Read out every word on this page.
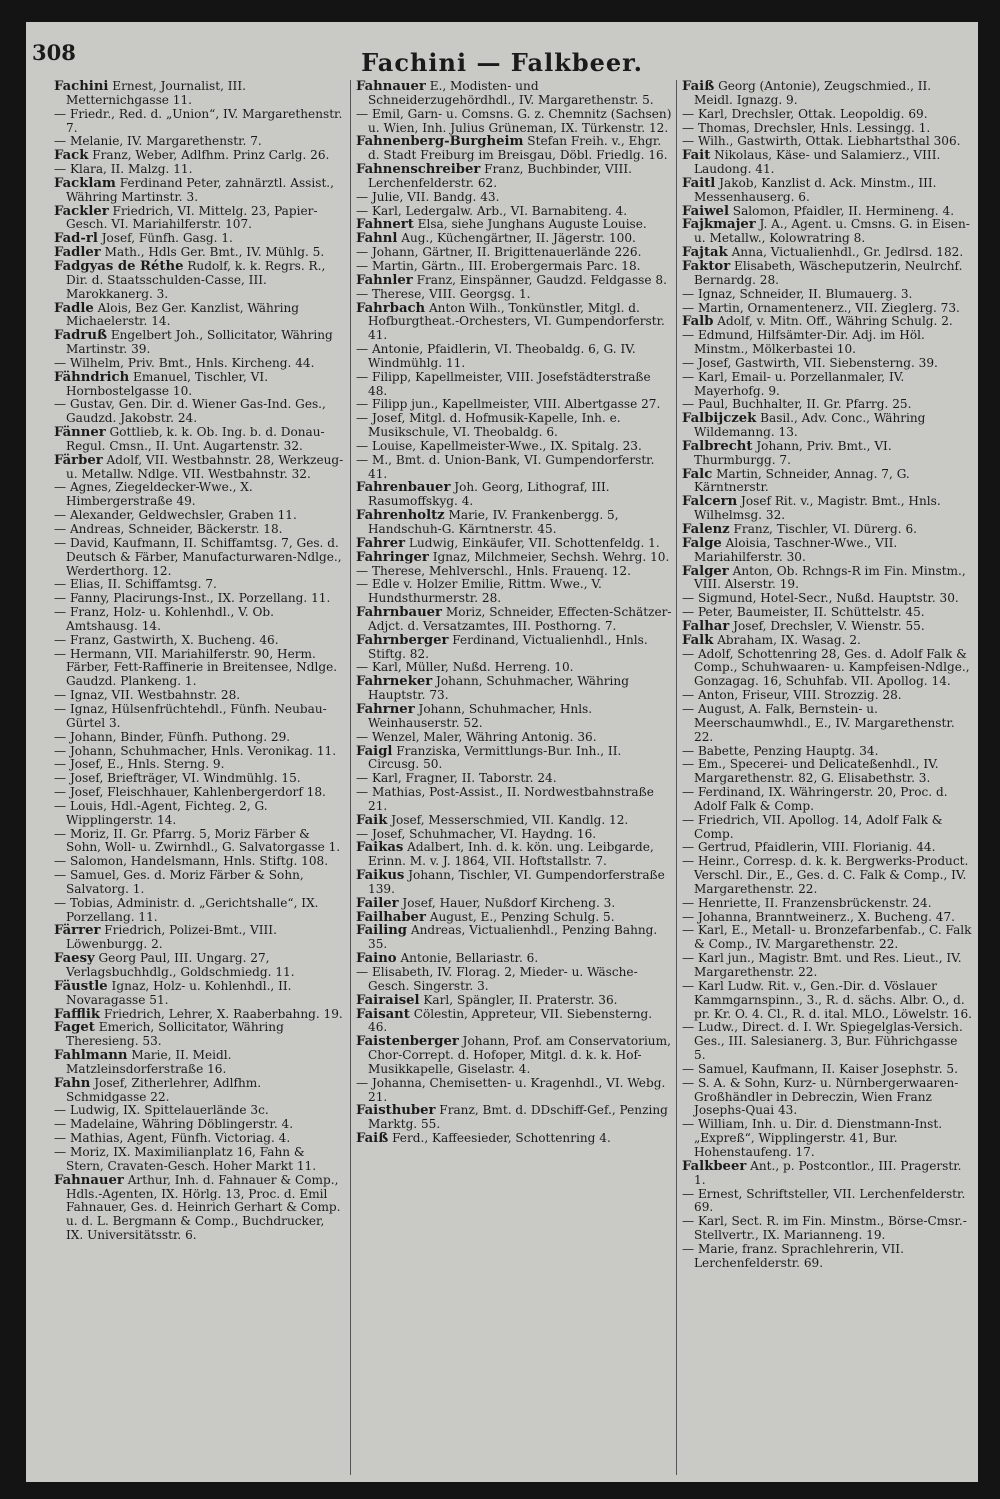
308	Fachini — Falkbeer.

Fachini Ernest, Journalist, III. Metternichgasse 11.

— Friedr., Red. d. „Union“, IV. Margarethenstr. 7.

— Melanie, IV. Margarethenstr. 7.

Fack Franz, Weber, Adlfhm. Prinz Carlg. 26.

— Klara, II. Malzg. 11.

Facklam Ferdinand Peter, zahnärztl. Assist., Währing Martinstr. 3.

Fackler Friedrich, VI. Mittelg. 23, Papier-Gesch. VI. Mariahilferstr. 107.

Fad-rl Josef, Fünfh. Gasg. 1.

Fadler Math., Hdls Ger. Bmt., IV. Mühlg. 5.

Fadgyas de Réthe Rudolf, k. k. Regrs. R., Dir. d. Staatsschulden-Casse, III. Marokkanerg. 3.

Fadle Alois, Bez Ger. Kanzlist, Währing Michaelerstr. 14.

Fadruß Engelbert Joh., Sollicitator, Währing Martinstr. 39.

— Wilhelm, Priv. Bmt., Hnls. Kircheng. 44.

Fähndrich Emanuel, Tischler, VI. Hornbostelgasse 10.

— Gustav, Gen. Dir. d. Wiener Gas-Ind. Ges., Gaudzd. Jakobstr. 24.

Fänner Gottlieb, k. k. Ob. Ing. b. d. Donau-Regul. Cmsn., II. Unt. Augartenstr. 32.

Färber Adolf, VII. Westbahnstr. 28, Werkzeug- u. Metallw. Ndlge. VII. Westbahnstr. 32.

— Agnes, Ziegeldecker-Wwe., X. Himbergerstraße 49.

— Alexander, Geldwechsler, Graben 11.

— Andreas, Schneider, Bäckerstr. 18.

— David, Kaufmann, II. Schiffamtsg. 7, Ges. d. Deutsch & Färber, Manufacturwaren-Ndlge., Werderthorg. 12.

— Elias, II. Schiffamtsg. 7.

— Fanny, Placirungs-Inst., IX. Porzellang. 11.

— Franz, Holz- u. Kohlenhdl., V. Ob. Amtshausg. 14.

— Franz, Gastwirth, X. Bucheng. 46.

— Hermann, VII. Mariahilferstr. 90, Herm. Färber, Fett-Raffinerie in Breitensee, Ndlge. Gaudzd. Plankeng. 1.

— Ignaz, VII. Westbahnstr. 28.

— Ignaz, Hülsenfrüchtehdl., Fünfh. Neubau-Gürtel 3.

— Johann, Binder, Fünfh. Puthong. 29.

— Johann, Schuhmacher, Hnls. Veronikag. 11.

— Josef, E., Hnls. Sterng. 9.

— Josef, Briefträger, VI. Windmühlg. 15.

— Josef, Fleischhauer, Kahlenbergerdorf 18.

— Louis, Hdl.-Agent, Fichteg. 2, G. Wipplingerstr. 14.

— Moriz, II. Gr. Pfarrg. 5, Moriz Färber & Sohn, Woll- u. Zwirnhdl., G. Salvatorgasse 1.

— Salomon, Handelsmann, Hnls. Stiftg. 108.

— Samuel, Ges. d. Moriz Färber & Sohn, Salvatorg. 1.

— Tobias, Administr. d. „Gerichtshalle“, IX. Porzellang. 11.

Färrer Friedrich, Polizei-Bmt., VIII. Löwenburgg. 2.

Faesy Georg Paul, III. Ungarg. 27, Verlagsbuchhdlg., Goldschmiedg. 11.

Fäustle Ignaz, Holz- u. Kohlenhdl., II. Novaragasse 51.

Fafflik Friedrich, Lehrer, X. Raaberbahng. 19.

Faget Emerich, Sollicitator, Währing Theresieng. 53.

Fahlmann Marie, II. Meidl. Matzleinsdorferstraße 16.

Fahn Josef, Zitherlehrer, Adlfhm. Schmidgasse 22.

— Ludwig, IX. Spittelauerlände 3c.

— Madelaine, Währing Döblingerstr. 4.

— Mathias, Agent, Fünfh. Victoriag. 4.

— Moriz, IX. Maximilianplatz 16, Fahn & Stern, Cravaten-Gesch. Hoher Markt 11.

Fahnauer Arthur, Inh. d. Fahnauer & Comp., Hdls.-Agenten, IX. Hörlg. 13, Proc. d. Emil Fahnauer, Ges. d. Heinrich Gerhart & Comp. u. d. L. Bergmann & Comp., Buchdrucker, IX. Universitätsstr. 6.

Fahnauer E., Modisten- und Schneiderzugehördhdl., IV. Margarethenstr. 5.

— Emil, Garn- u. Comsns. G. z. Chemnitz (Sachsen) u. Wien, Inh. Julius Grüneman, IX. Türkenstr. 12.

Fahnenberg-Burgheim Stefan Freih. v., Ehgr. d. Stadt Freiburg im Breisgau, Döbl. Friedlg. 16.

Fahnenschreiber Franz, Buchbinder, VIII. Lerchenfelderstr. 62.

— Julie, VII. Bandg. 43.

— Karl, Ledergalw. Arb., VI. Barnabiteng. 4.

Fahnert Elsa, siehe Junghans Auguste Louise.

Fahnl Aug., Küchengärtner, II. Jägerstr. 100.

— Johann, Gärtner, II. Brigittenauerlände 226.

— Martin, Gärtn., III. Erobergermais Parc. 18.

Fahnler Franz, Einspänner, Gaudzd. Feldgasse 8.

— Therese, VIII. Georgsg. 1.

Fahrbach Anton Wilh., Tonkünstler, Mitgl. d. Hofburgtheat.-Orchesters, VI. Gumpendorferstr. 41.

— Antonie, Pfaidlerin, VI. Theobaldg. 6, G. IV. Windmühlg. 11.

— Filipp, Kapellmeister, VIII. Josefstädterstraße 48.

— Filipp jun., Kapellmeister, VIII. Albertgasse 27.

— Josef, Mitgl. d. Hofmusik-Kapelle, Inh. e. Musikschule, VI. Theobaldg. 6.

— Louise, Kapellmeister-Wwe., IX. Spitalg. 23.

— M., Bmt. d. Union-Bank, VI. Gumpendorferstr. 41.

Fahrenbauer Joh. Georg, Lithograf, III. Rasumoffskyg. 4.

Fahrenholtz Marie, IV. Frankenbergg. 5, Handschuh-G. Kärntnerstr. 45.

Fahrer Ludwig, Einkäufer, VII. Schottenfeldg. 1.

Fahringer Ignaz, Milchmeier, Sechsh. Wehrg. 10.

— Therese, Mehlverschl., Hnls. Frauenq. 12.

— Edle v. Holzer Emilie, Rittm. Wwe., V. Hundsthurmerstr. 28.

Fahrnbauer Moriz, Schneider, Effecten-Schätzer-Adjct. d. Versatzamtes, III. Posthorng. 7.

Fahrnberger Ferdinand, Victualienhdl., Hnls. Stiftg. 82.

— Karl, Müller, Nußd. Herreng. 10.

Fahrneker Johann, Schuhmacher, Währing Hauptstr. 73.

Fahrner Johann, Schuhmacher, Hnls. Weinhauserstr. 52.

— Wenzel, Maler, Währing Antonig. 36.

Faigl Franziska, Vermittlungs-Bur. Inh., II. Circusg. 50.

— Karl, Fragner, II. Taborstr. 24.

— Mathias, Post-Assist., II. Nordwestbahnstraße 21.

Faik Josef, Messerschmied, VII. Kandlg. 12.

— Josef, Schuhmacher, VI. Haydng. 16.

Faikas Adalbert, Inh. d. k. kön. ung. Leibgarde, Erinn. M. v. J. 1864, VII. Hoftstallstr. 7.

Faikus Johann, Tischler, VI. Gumpendorferstraße 139.

Failer Josef, Hauer, Nußdorf Kircheng. 3.

Failhaber August, E., Penzing Schulg. 5.

Failing Andreas, Victualienhdl., Penzing Bahng. 35.

Faino Antonie, Bellariastr. 6.

— Elisabeth, IV. Florag. 2, Mieder- u. Wäsche-Gesch. Singerstr. 3.

Fairaisel Karl, Spängler, II. Praterstr. 36.

Faisant Cölestin, Appreteur, VII. Siebensterng. 46.

Faistenberger Johann, Prof. am Conservatorium, Chor-Corrept. d. Hofoper, Mitgl. d. k. k. Hof-Musikkapelle, Giselastr. 4.

— Johanna, Chemisetten- u. Kragenhdl., VI. Webg. 21.

Faisthuber Franz, Bmt. d. DDschiff-Gef., Penzing Marktg. 55.

Faiß Ferd., Kaffeesieder, Schottenring 4.

Faiß Georg (Antonie), Zeugschmied., II. Meidl. Ignazg. 9.

— Karl, Drechsler, Ottak. Leopoldig. 69.

— Thomas, Drechsler, Hnls. Lessingg. 1.

— Wilh., Gastwirth, Ottak. Liebhartsthal 306.

Fait Nikolaus, Käse- und Salamierz., VIII. Laudong. 41.

Faitl Jakob, Kanzlist d. Ack. Minstm., III. Messenhauserg. 6.

Faiwel Salomon, Pfaidler, II. Hermineng. 4.

Fajkmajer J. A., Agent. u. Cmsns. G. in Eisen- u. Metallw., Kolowratring 8.

Fajtak Anna, Victualienhdl., Gr. Jedlrsd. 182.

Faktor Elisabeth, Wäscheputzerin, Neulrchf. Bernardg. 28.

— Ignaz, Schneider, II. Blumauerg. 3.

— Martin, Ornamentenerz., VII. Zieglerg. 73.

Falb Adolf, v. Mitn. Off., Währing Schulg. 2.

— Edmund, Hilfsämter-Dir. Adj. im Höl. Minstm., Mölkerbastei 10.

— Josef, Gastwirth, VII. Siebensterng. 39.

— Karl, Email- u. Porzellanmaler, IV. Mayerhofg. 9.

— Paul, Buchhalter, II. Gr. Pfarrg. 25.

Falbijczek Basil., Adv. Conc., Währing Wildemanng. 13.

Falbrecht Johann, Priv. Bmt., VI. Thurmburgg. 7.

Falc Martin, Schneider, Annag. 7, G. Kärntnerstr.

Falcern Josef Rit. v., Magistr. Bmt., Hnls. Wilhelmsg. 32.

Falenz Franz, Tischler, VI. Dürerg. 6.

Falge Aloisia, Taschner-Wwe., VII. Mariahilferstr. 30.

Falger Anton, Ob. Rchngs-R im Fin. Minstm., VIII. Alserstr. 19.

— Sigmund, Hotel-Secr., Nußd. Hauptstr. 30.

— Peter, Baumeister, II. Schüttelstr. 45.

Falhar Josef, Drechsler, V. Wienstr. 55.

Falk Abraham, IX. Wasag. 2.

— Adolf, Schottenring 28, Ges. d. Adolf Falk & Comp., Schuhwaaren- u. Kampfeisen-Ndlge., Gonzagag. 16, Schuhfab. VII. Apollog. 14.

— Anton, Friseur, VIII. Strozzig. 28.

— August, A. Falk, Bernstein- u. Meerschaumwhdl., E., IV. Margarethenstr. 22.

— Babette, Penzing Hauptg. 34.

— Em., Specerei- und Delicateßenhdl., IV. Margarethenstr. 82, G. Elisabethstr. 3.

— Ferdinand, IX. Währingerstr. 20, Proc. d. Adolf Falk & Comp.

— Friedrich, VII. Apollog. 14, Adolf Falk & Comp.

— Gertrud, Pfaidlerin, VIII. Florianig. 44.

— Heinr., Corresp. d. k. k. Bergwerks-Product. Verschl. Dir., E., Ges. d. C. Falk & Comp., IV. Margarethenstr. 22.

— Henriette, II. Franzensbrückenstr. 24.

— Johanna, Branntweinerz., X. Bucheng. 47.

— Karl, E., Metall- u. Bronzefarbenfab., C. Falk & Comp., IV. Margarethenstr. 22.

— Karl jun., Magistr. Bmt. und Res. Lieut., IV. Margarethenstr. 22.

— Karl Ludw. Rit. v., Gen.-Dir. d. Vöslauer Kammgarnspinn., 3., R. d. sächs. Albr. O., d. pr. Kr. O. 4. Cl., R. d. ital. MLO., Löwelstr. 16.

— Ludw., Direct. d. I. Wr. Spiegelglas-Versich. Ges., III. Salesianerg. 3, Bur. Führichgasse 5.

— Samuel, Kaufmann, II. Kaiser Josephstr. 5.

— S. A. & Sohn, Kurz- u. Nürnbergerwaaren-Großhändler in Debreczin, Wien Franz Josephs-Quai 43.

— William, Inh. u. Dir. d. Dienstmann-Inst. „Expreß“, Wipplingerstr. 41, Bur. Hohenstaufeng. 17.

Falkbeer Ant., p. Postcontlor., III. Pragerstr. 1.

— Ernest, Schriftsteller, VII. Lerchenfelderstr. 69.

— Karl, Sect. R. im Fin. Minstm., Börse-Cmsr.-Stellvertr., IX. Marianneng. 19.

— Marie, franz. Sprachlehrerin, VII. Lerchenfelderstr. 69.
